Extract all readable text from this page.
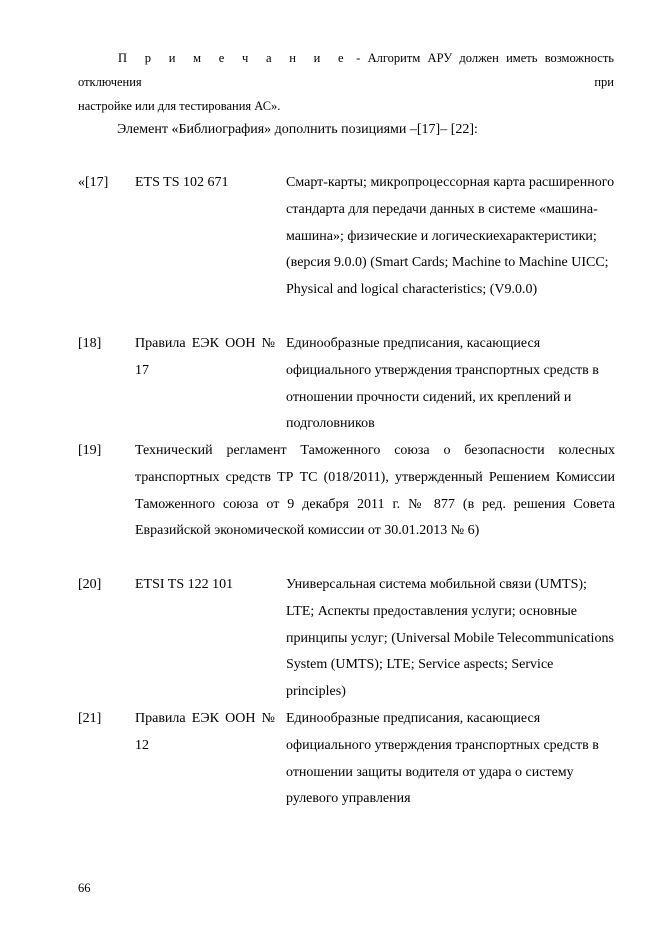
П р и м е ч а н и е - Алгоритм АРУ должен иметь возможность отключения при
настройке или для тестирования АС».
Элемент «Библиография» дополнить позициями –[17]– [22]:
«[17] ETS TS 102 671	Смарт-карты; микропроцессорная карта расширенного стандарта для передачи данных в системе «машина-машина»; физические и логическиехарактеристики; (версия 9.0.0) (Smart Cards; Machine to Machine UICC; Physical and logical characteristics; (V9.0.0)
[18] Правила ЕЭК ООН № 17
Единообразные предписания, касающиеся официального утверждения транспортных средств в отношении прочности сидений, их креплений и подголовников
[19] Технический регламент Таможенного союза о безопасности колесных транспортных средств ТР ТС (018/2011), утвержденный Решением Комиссии Таможенного союза от 9 декабря 2011 г. № 877 (в ред. решения Совета Евразийской экономической комиссии от 30.01.2013 № 6)
[20] ETSI TS 122 101	Универсальная система мобильной связи (UMTS); LTE; Аспекты предоставления услуги; основные принципы услуг; (Universal Mobile Telecommunications System (UMTS); LTE; Service aspects; Service principles)
[21] Правила ЕЭК ООН № 12
Единообразные предписания, касающиеся официального утверждения транспортных средств в отношении защиты водителя от удара о систему рулевого управления
66
